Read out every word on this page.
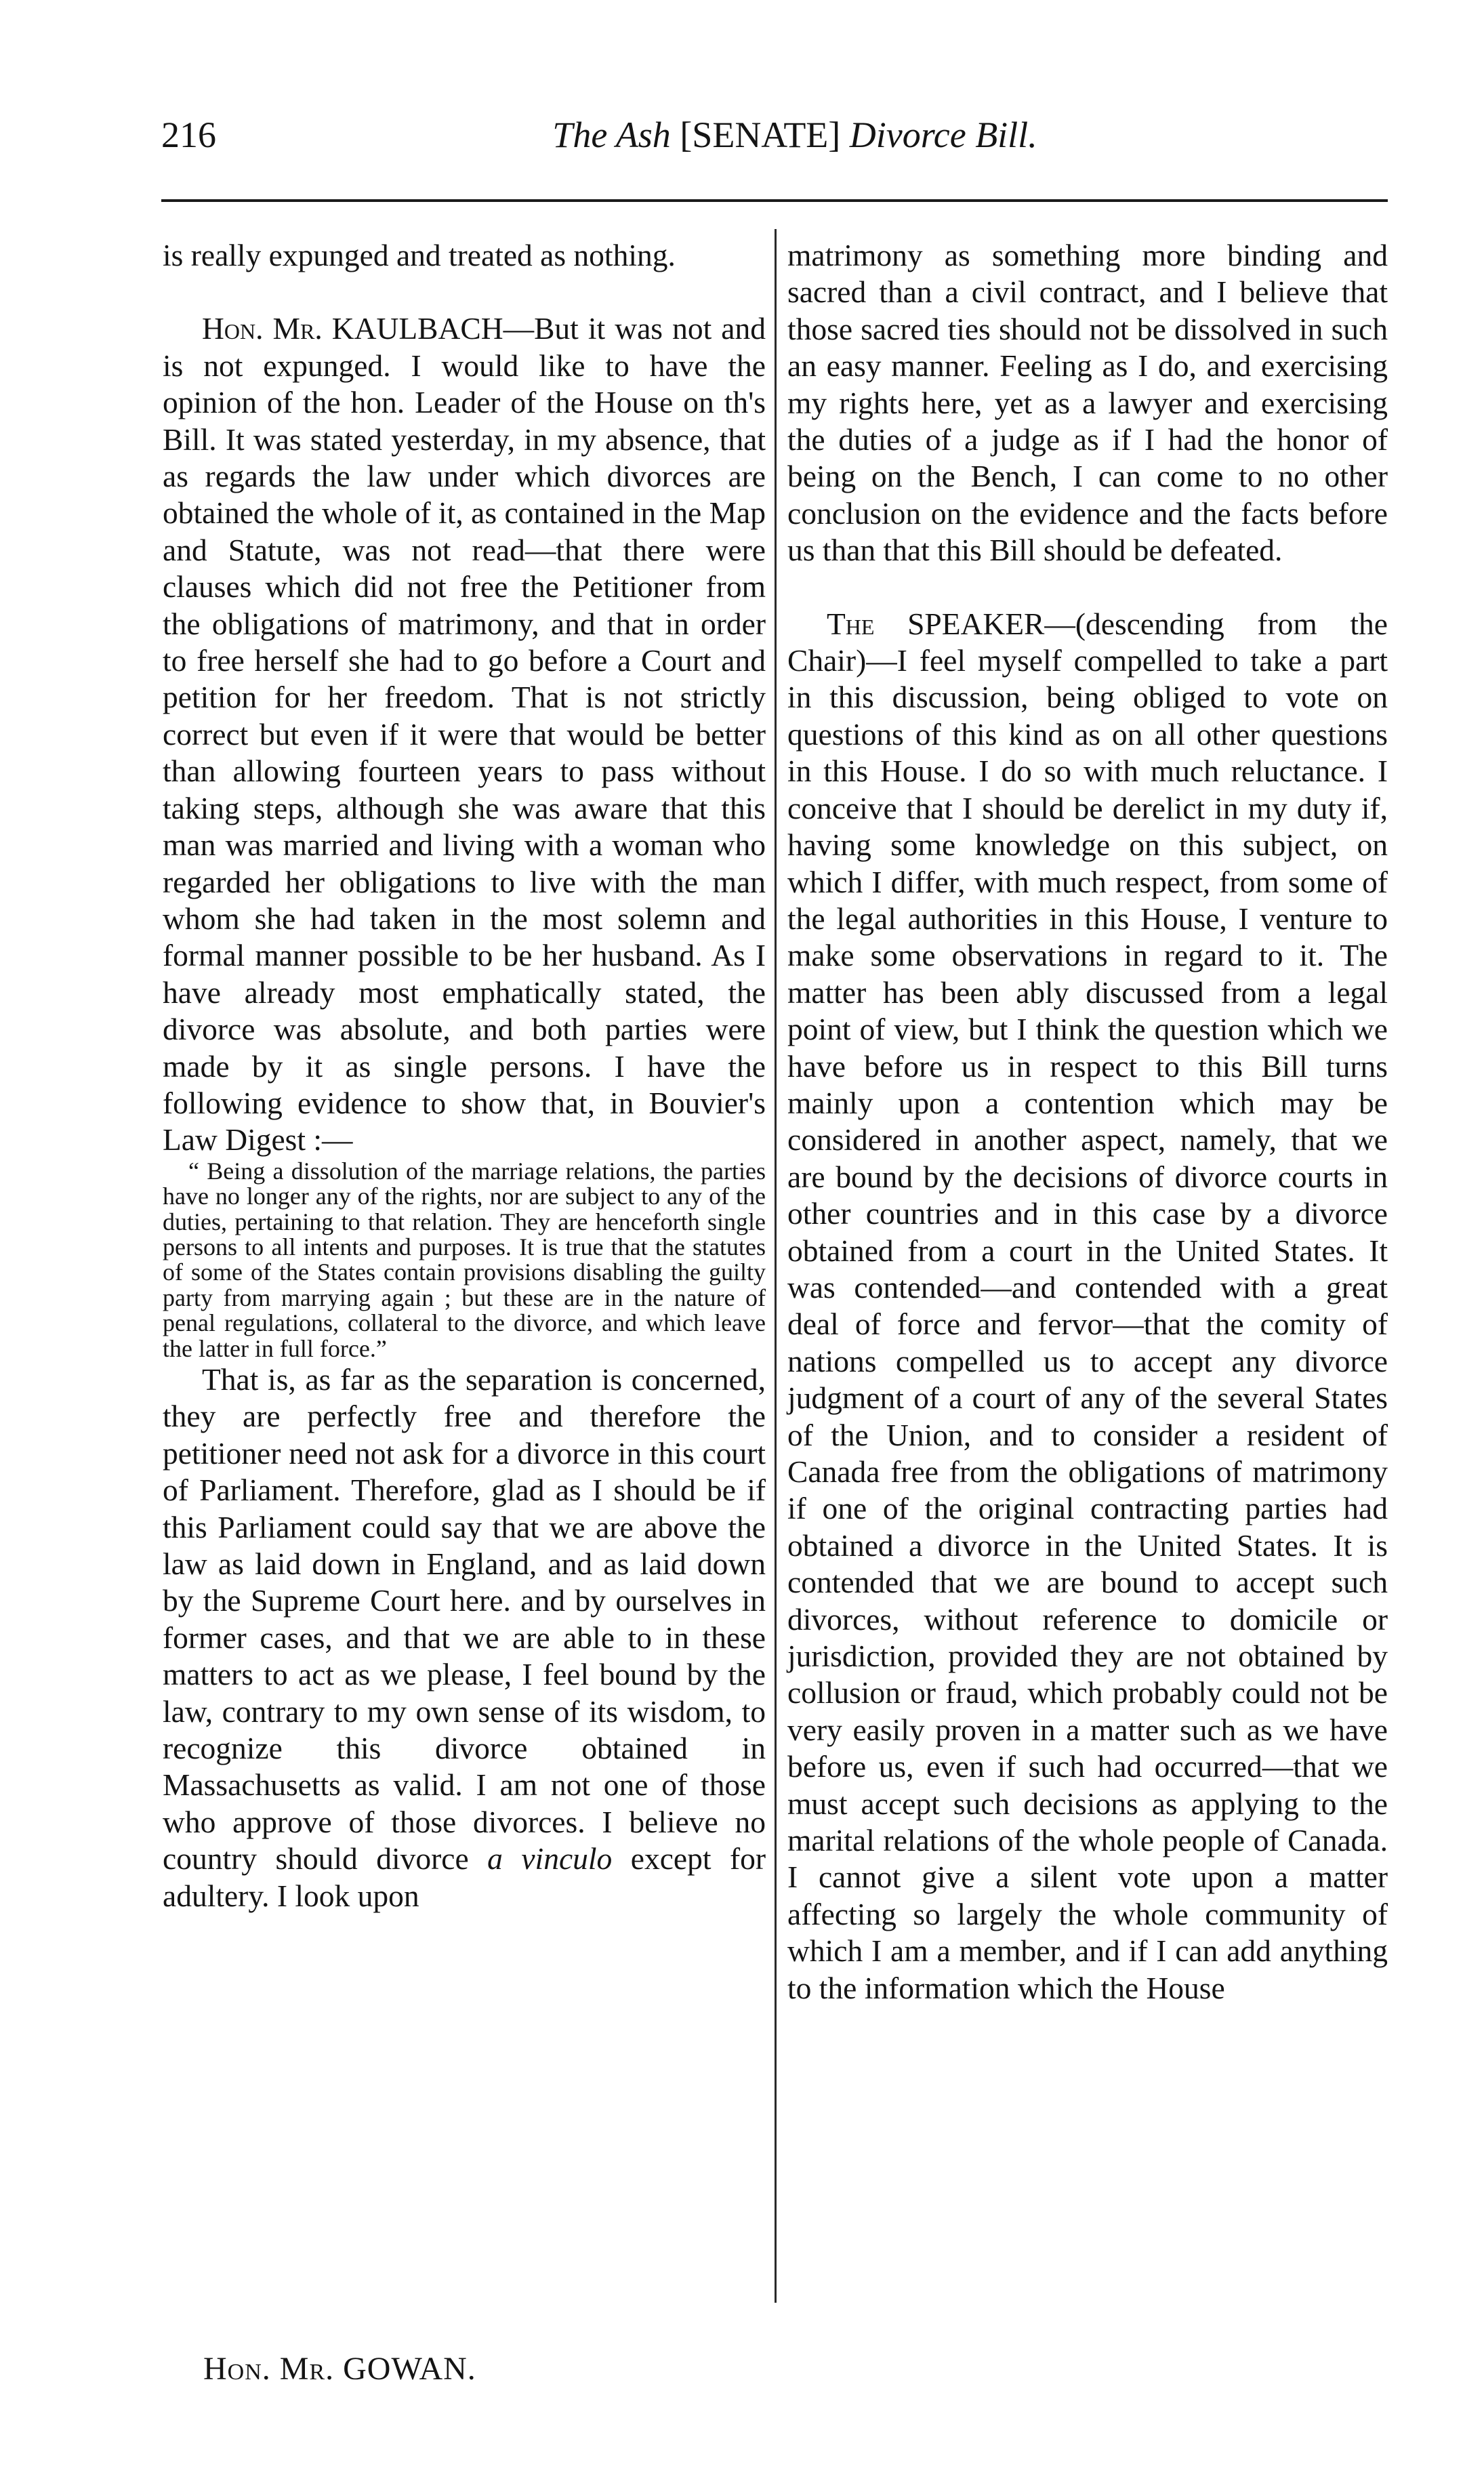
216	The Ash [SENATE] Divorce Bill.

is really expunged and treated as nothing.

Hon. Mr. KAULBACH—But it was not and is not expunged. I would like to have the opinion of the hon. Leader of the House on th's Bill. It was stated yesterday, in my absence, that as regards the law under which divorces are obtained the whole of it, as contained in the Map and Statute, was not read—that there were clauses which did not free the Petitioner from the obligations of matrimony, and that in order to free herself she had to go before a Court and petition for her freedom. That is not strictly correct but even if it were that would be better than allowing fourteen years to pass without taking steps, although she was aware that this man was married and living with a woman who regarded her obligations to live with the man whom she had taken in the most solemn and formal manner possible to be her husband. As I have already most emphatically stated, the divorce was absolute, and both parties were made by it as single persons. I have the following evidence to show that, in Bouvier's Law Digest :—

“ Being a dissolution of the marriage relations, the parties have no longer any of the rights, nor are subject to any of the duties, pertaining to that relation. They are henceforth single persons to all intents and purposes. It is true that the statutes of some of the States contain provisions disabling the guilty party from marrying again ; but these are in the nature of penal regulations, collateral to the divorce, and which leave the latter in full force.”

That is, as far as the separation is concerned, they are perfectly free and therefore the petitioner need not ask for a divorce in this court of Parliament. Therefore, glad as I should be if this Parliament could say that we are above the law as laid down in England, and as laid down by the Supreme Court here. and by ourselves in former cases, and that we are able to in these matters to act as we please, I feel bound by the law, contrary to my own sense of its wisdom, to recognize this divorce obtained in Massachusetts as valid. I am not one of those who approve of those divorces. I believe no country should divorce a vinculo except for adultery. I look upon

matrimony as something more binding and sacred than a civil contract, and I believe that those sacred ties should not be dissolved in such an easy manner. Feeling as I do, and exercising my rights here, yet as a lawyer and exercising the duties of a judge as if I had the honor of being on the Bench, I can come to no other conclusion on the evidence and the facts before us than that this Bill should be defeated.

The SPEAKER—(descending from the Chair)—I feel myself compelled to take a part in this discussion, being obliged to vote on questions of this kind as on all other questions in this House. I do so with much reluctance. I conceive that I should be derelict in my duty if, having some knowledge on this subject, on which I differ, with much respect, from some of the legal authorities in this House, I venture to make some observations in regard to it. The matter has been ably discussed from a legal point of view, but I think the question which we have before us in respect to this Bill turns mainly upon a contention which may be considered in another aspect, namely, that we are bound by the decisions of divorce courts in other countries and in this case by a divorce obtained from a court in the United States. It was contended—and contended with a great deal of force and fervor—that the comity of nations compelled us to accept any divorce judgment of a court of any of the several States of the Union, and to consider a resident of Canada free from the obligations of matrimony if one of the original contracting parties had obtained a divorce in the United States. It is contended that we are bound to accept such divorces, without reference to domicile or jurisdiction, provided they are not obtained by collusion or fraud, which probably could not be very easily proven in a matter such as we have before us, even if such had occurred—that we must accept such decisions as applying to the marital relations of the whole people of Canada. I cannot give a silent vote upon a matter affecting so largely the whole community of which I am a member, and if I can add anything to the information which the House

Hon. Mr. GOWAN.
